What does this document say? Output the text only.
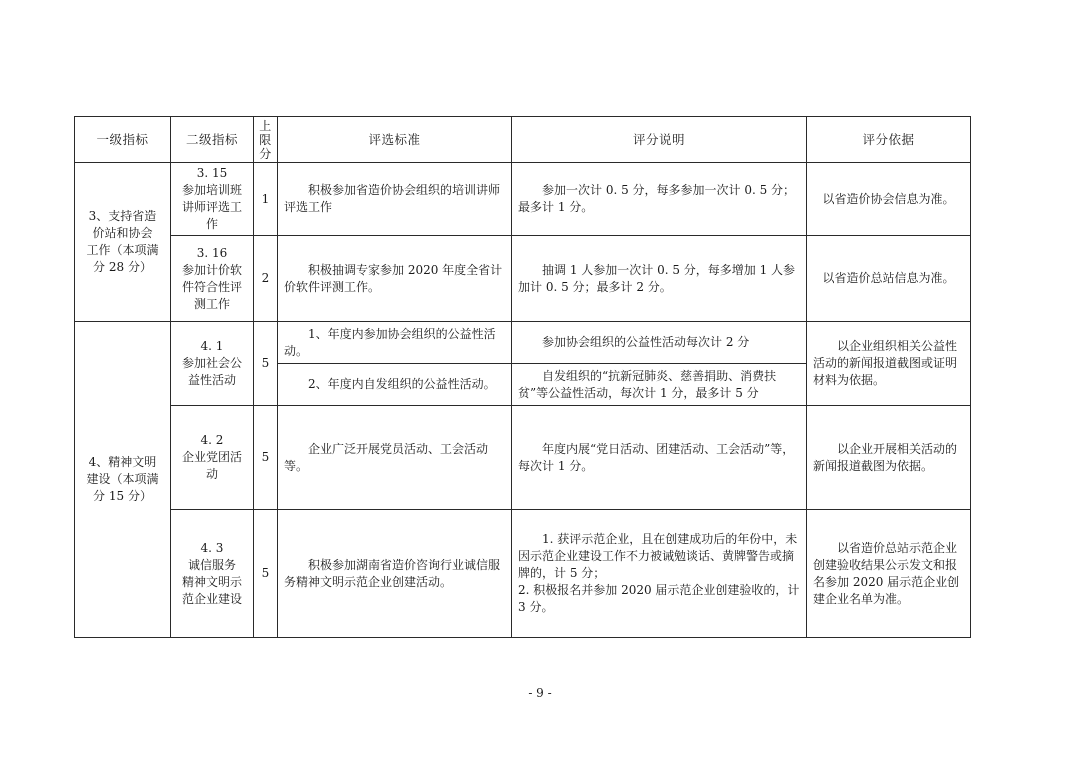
一级指标	二级指标	上
限
分	评选标准	评分说明	评分依据
3、支持省造
价站和协会
工作（本项满
分 28 分）	3. 15
参加培训班
讲师评选工
作	1	积极参加省造价协会组织的培训讲师评选工作	参加一次计 0. 5 分，每多参加一次计 0. 5 分；最多计 1 分。	以省造价协会信息为准。
	3. 16
参加计价软
件符合性评
测工作	2	积极抽调专家参加 2020 年度全省计价软件评测工作。	抽调 1 人参加一次计 0. 5 分，每多增加 1 人参加计 0. 5 分；最多计 2 分。	以省造价总站信息为准。
4、精神文明
建设（本项满
分 15 分）	4. 1
参加社会公
益性活动	5	1、年度内参加协会组织的公益性活动。	参加协会组织的公益性活动每次计 2 分	以企业组织相关公益性活动的新闻报道截图或证明材料为依据。
			2、年度内自发组织的公益性活动。	自发组织的“抗新冠肺炎、慈善捐助、消费扶贫”等公益性活动，每次计 1 分，最多计 5 分	
	4. 2
企业党团活
动	5	企业广泛开展党员活动、工会活动等。	年度内展“党日活动、团建活动、工会活动”等，每次计 1 分。	以企业开展相关活动的新闻报道截图为依据。
	4. 3
诚信服务
精神文明示
范企业建设	5	积极参加湖南省造价咨询行业诚信服务精神文明示范企业创建活动。	1. 获评示范企业，且在创建成功后的年份中，未因示范企业建设工作不力被诫勉谈话、黄牌警告或摘牌的，计 5 分；
2. 积极报名并参加 2020 届示范企业创建验收的，计 3 分。	以省造价总站示范企业创建验收结果公示发文和报名参加 2020 届示范企业创建企业名单为准。
- 9 -
